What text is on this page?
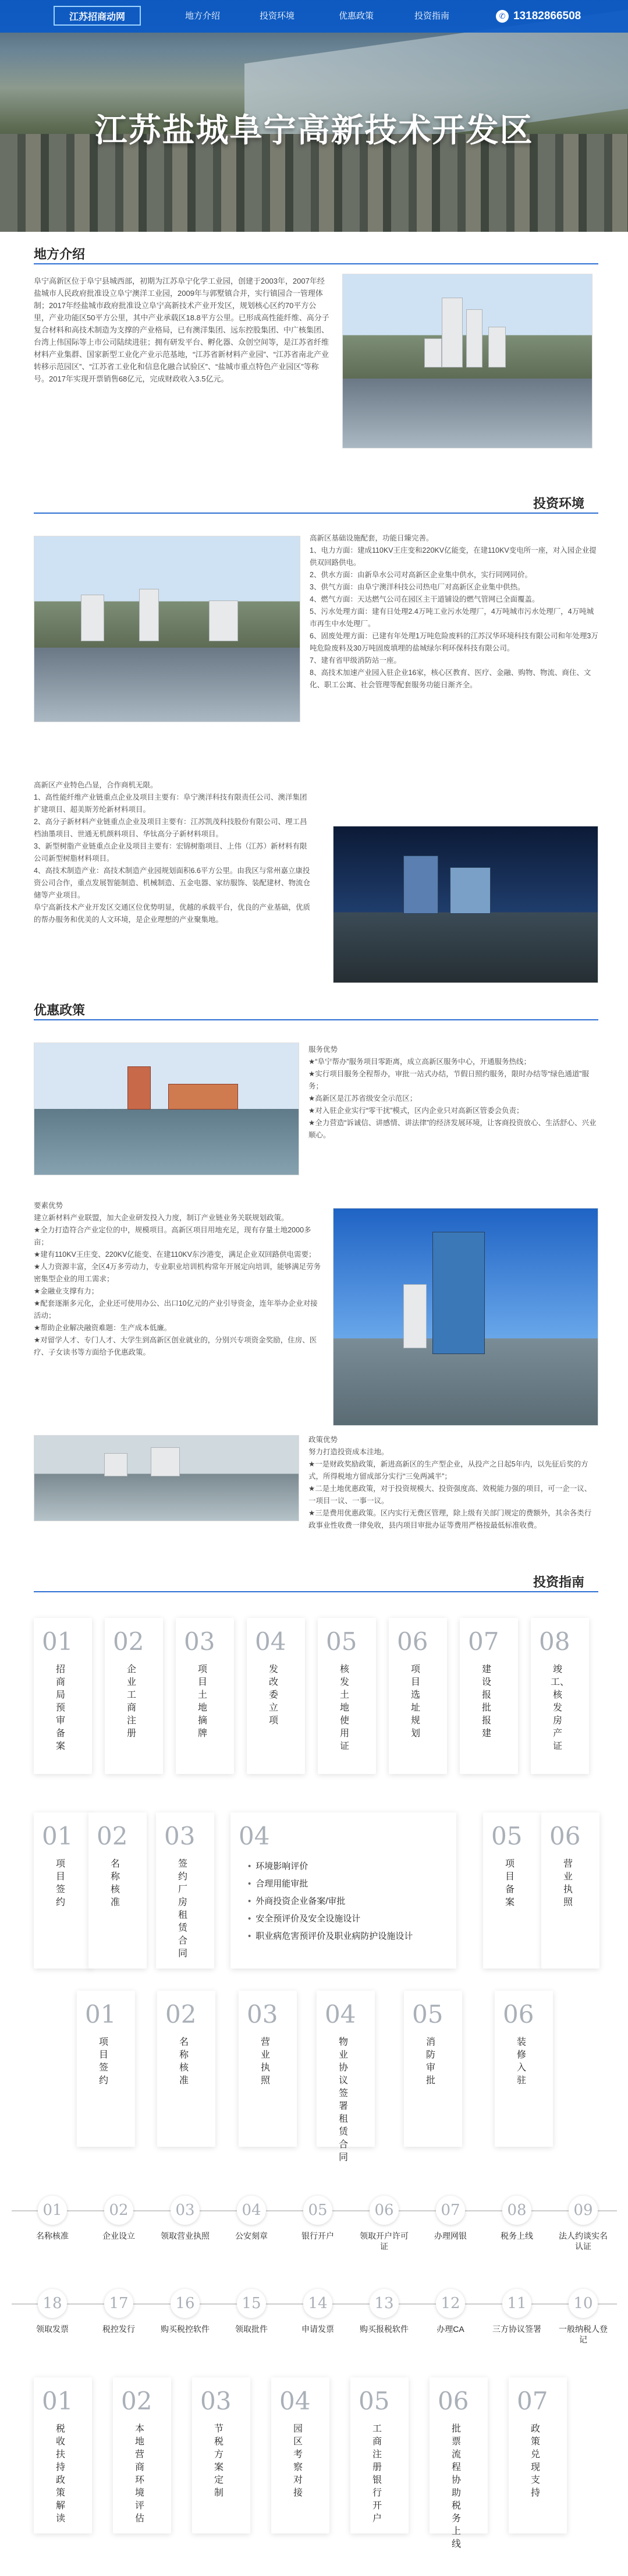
江苏招商动网	地方介绍	投资环境	优惠政策	投资指南	✆ 13182866508
江苏盐城阜宁高新技术开发区
地方介绍
阜宁高新区位于阜宁县城西部，初期为江苏阜宁化学工业园，创建于2003年，2007年经盐城市人民政府批准设立阜宁澳洋工业园，2009年与郭墅镇合并，实行镇园合一管理体制；2017年经盐城市政府批准设立阜宁高新技术产业开发区，规划核心区约70平方公里，产业功能区50平方公里，其中产业承载区18.8平方公里。已形成高性能纤维、高分子复合材料和高技术制造为支撑的产业格局，已有澳洋集团、远东控股集团、中广核集团、台湾上伟国际等上市公司陆续进驻；拥有研发平台、孵化器、众创空间等，是江苏省纤维材料产业集群、国家新型工业化产业示范基地，“江苏省新材料产业园”、“江苏省南北产业转移示范园区”、“江苏省工业化和信息化融合试验区”、“盐城市重点特色产业园区”等称号。2017年实现开票销售68亿元，完成财政收入3.5亿元。
投资环境
高新区基础设施配套，功能日臻完善。
1、电力方面：建成110KV王庄变和220KV亿能变，在建110KV变电所一座，对入园企业提供双回路供电。
2、供水方面：由新阜水公司对高新区企业集中供水，实行同网同价。
3、供气方面：由阜宁澳洋科技公司热电厂对高新区企业集中供热。
4、燃气方面：天达燃气公司在园区主干道铺设的燃气管网已全面覆盖。
5、污水处理方面：建有日处理2.4万吨工业污水处理厂，4万吨城市污水处理厂，4万吨城市再生中水处理厂。
6、固废处理方面：已建有年处理1万吨危险废料的江苏汉华环境科技有限公司和年处理3万吨危险废料及30万吨固废填埋的盐城绿尔利环保科技有限公司。
7、建有省甲级消防站一座。
8、高技术加速产业园入驻企业16家，核心区教育、医疗、金融、购物、物流、商住、文化、职工公寓、社会管理等配套服务功能日渐齐全。
高新区产业特色凸显，合作商机无限。
1、高性能纤维产业链重点企业及项目主要有：阜宁澳洋科技有限责任公司、澳洋集团扩建项目、超美斯芳纶新材料项目。
2、高分子新材料产业链重点企业及项目主要有：江苏凯茂科技股份有限公司、理工昌档油墨项目、世通无机颜料项目、华钛高分子新材料项目。
3、新型树脂产业链重点企业及项目主要有：宏锦树脂项目、上伟（江苏）新材料有限公司新型树脂材料项目。
4、高技术制造产业：高技术制造产业园规划面积6.6平方公里。由我区与常州嘉立康投资公司合作，重点发展智能制造、机械制造、五金电器、家纺服饰、装配建材、物流仓储等产业项目。
阜宁高新技术产业开发区交通区位优势明显，优越的承载平台，优良的产业基础，优质的帮办服务和优美的人文环境，是企业理想的产业聚集地。
优惠政策
服务优势
★“阜宁帮办”服务项目零距离，成立高新区服务中心，开通服务热线；
★实行项目服务全程帮办，审批一站式办结，节假日照约服务，限时办结等“绿色通道”服务；
★高新区是江苏省级安全示范区；
★对入驻企业实行“零干扰”模式，区内企业只对高新区管委会负责；
★全力营造“诉诚信、讲感情、讲法律”的经济发展环境，让客商投资放心、生活舒心、兴业顺心。
要素优势
建立新材料产业联盟，加大企业研发投入力度，制订产业链业务关联规划政策。
★全力打造符合产业定位的中，规模项目。高新区项目用地充足，现有存量土地2000多亩；
★建有110KV王庄变、220KV亿能变、在建110KV东沙港变，满足企业双回路供电需要；
★人力资源丰富，全区4万多劳动力，专业职业培训机构常年开展定向培训，能够满足劳务密集型企业的用工需求；
★金融业支撑有力；
★配套逐渐多元化，企业还可使用办公、出口10亿元的产业引导资金，连年举办企业对接活动；
★帮助企业解决融资难题：生产成本低廉。
★对留学人才、专门人才、大学生到高新区创业就业的，分别兴专项资金奖励，住房、医疗、子女读书等方面给予优惠政策。
政策优势
努力打造投资成本洼地。
★一是财政奖励政策，新进高新区的生产型企业，从投产之日起5年内，以先征后奖的方式，所得税地方留成部分实行“三免两减半”；
★二是土地优惠政策，对于投资规模大、投资强度高、效税能力强的项目，可一企一议、一项目一议、一事一议。
★三是费用优惠政策。区内实行无费区管理，除上级有关部门规定的费额外，其余各类行政事业性收费一律免收，县内项目审批办证等费用严格按最低标准收费。
投资指南
01
招商局预审备案
02
企业工商注册
03
项目土地摘牌
04
发改委立项
05
核发土地使用证
06
项目选址规划
07
建设报批报建
08
竣工、核发房产证
01
项目签约
02
名称核准
03
签约厂房租赁合同
05
项目备案
06
营业执照
04
• 环境影响评价
• 合理用能审批
• 外商投资企业备案/审批
• 安全预评价及安全设施设计
• 职业病危害预评价及职业病防护设施设计
01
项目签约
02
名称核准
03
营业执照
04
物业协议 签署租赁合同
05
消防审批
06
装修入驻
01
名称核准
02
企业设立
03
领取营业执照
04
公安刻章
05
银行开户
06
领取开户许可证
07
办理网银
08
税务上线
09
法人约谈实名认证
18
领取发票
17
税控发行
16
购买税控软件
15
领取批件
14
申请发票
13
购买报税软件
12
办理CA
11
三方协议签署
10
一般纳税人登记
01
税收扶持政策解读
02
本地营商环境评估
03
节税方案定制
04
园区考察对接
05
工商注册 银行开户
06
批票流程协助 税务上线
07
政策兑现支持
